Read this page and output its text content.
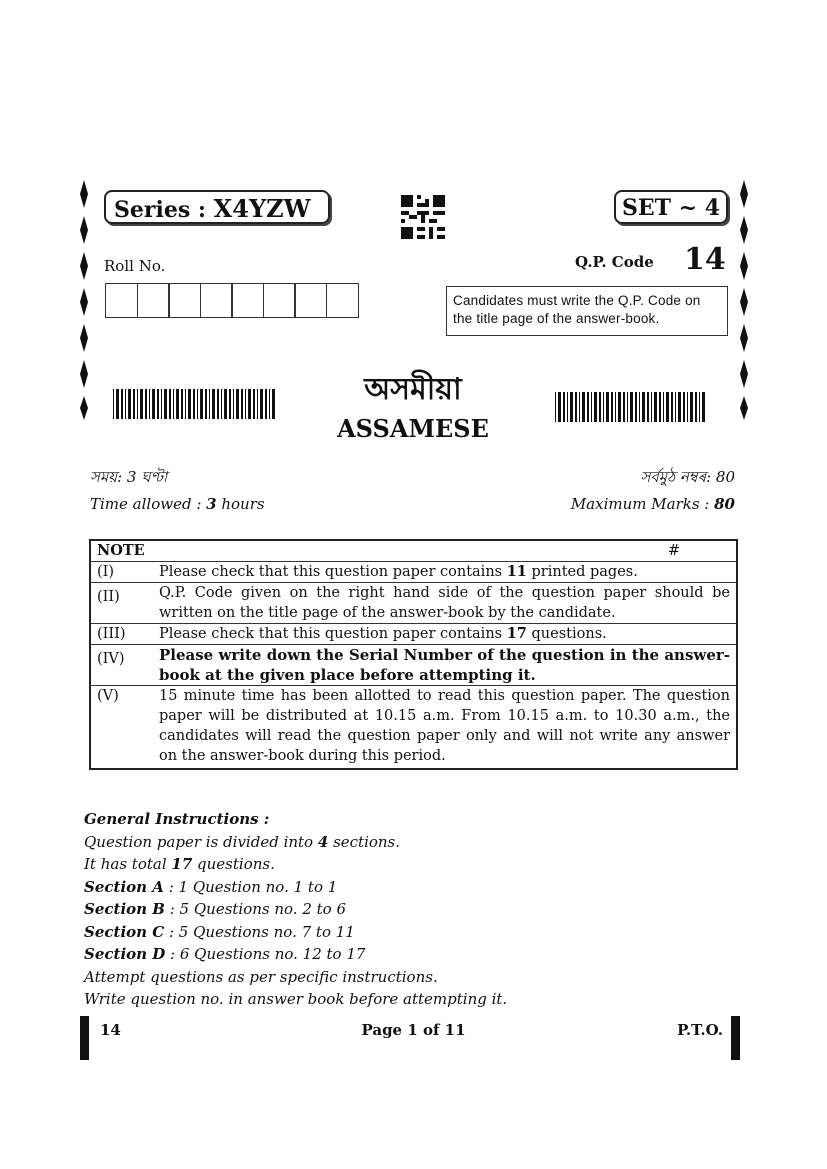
Series : X4YZW	SET ~ 4
Roll No.	Q.P. Code 14
Candidates must write the Q.P. Code on the title page of the answer-book.
অসমীয়া
ASSAMESE
সময়: 3 ঘণ্টা	সৰ্বমুঠ নম্বৰ: 80
Time allowed : 3 hours	Maximum Marks : 80
NOTE #	

(I)	Please check that this question paper contains 11 printed pages.
(II)	Q.P. Code given on the right hand side of the question paper should be written on the title page of the answer-book by the candidate.
(III)	Please check that this question paper contains 17 questions.
(IV)	Please write down the Serial Number of the question in the answer-book at the given place before attempting it.
(V)	15 minute time has been allotted to read this question paper. The question paper will be distributed at 10.15 a.m. From 10.15 a.m. to 10.30 a.m., the candidates will read the question paper only and will not write any answer on the answer-book during this period.
General Instructions :
Question paper is divided into 4 sections.
It has total 17 questions.
Section A : 1 Question no. 1 to 1
Section B : 5 Questions no. 2 to 6
Section C : 5 Questions no. 7 to 11
Section D : 6 Questions no. 12 to 17
Attempt questions as per specific instructions.
Write question no. in answer book before attempting it.
14	Page 1 of 11	P.T.O.
